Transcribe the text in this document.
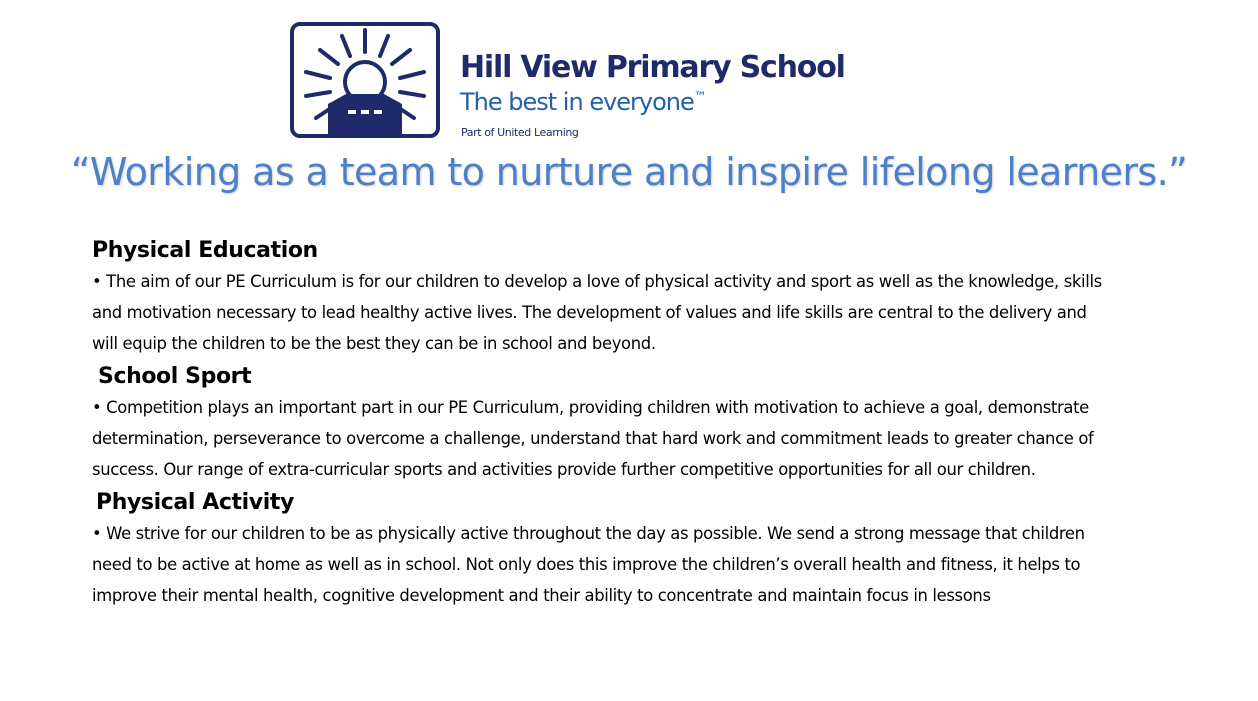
Hill View Primary School
The best in everyone™
Part of United Learning
“Working as a team to nurture and inspire lifelong learners.”
Physical Education

• The aim of our PE Curriculum is for our children to develop a love of physical activity and sport as well as the knowledge, skills and motivation necessary to lead healthy active lives. The development of values and life skills are central to the delivery and will equip the children to be the best they can be in school and beyond.

School Sport

• Competition plays an important part in our PE Curriculum, providing children with motivation to achieve a goal, demonstrate determination, perseverance to overcome a challenge, understand that hard work and commitment leads to greater chance of success. Our range of extra-curricular sports and activities provide further competitive opportunities for all our children.

Physical Activity

• We strive for our children to be as physically active throughout the day as possible. We send a strong message that children need to be active at home as well as in school. Not only does this improve the children’s overall health and fitness, it helps to improve their mental health, cognitive development and their ability to concentrate and maintain focus in lessons
